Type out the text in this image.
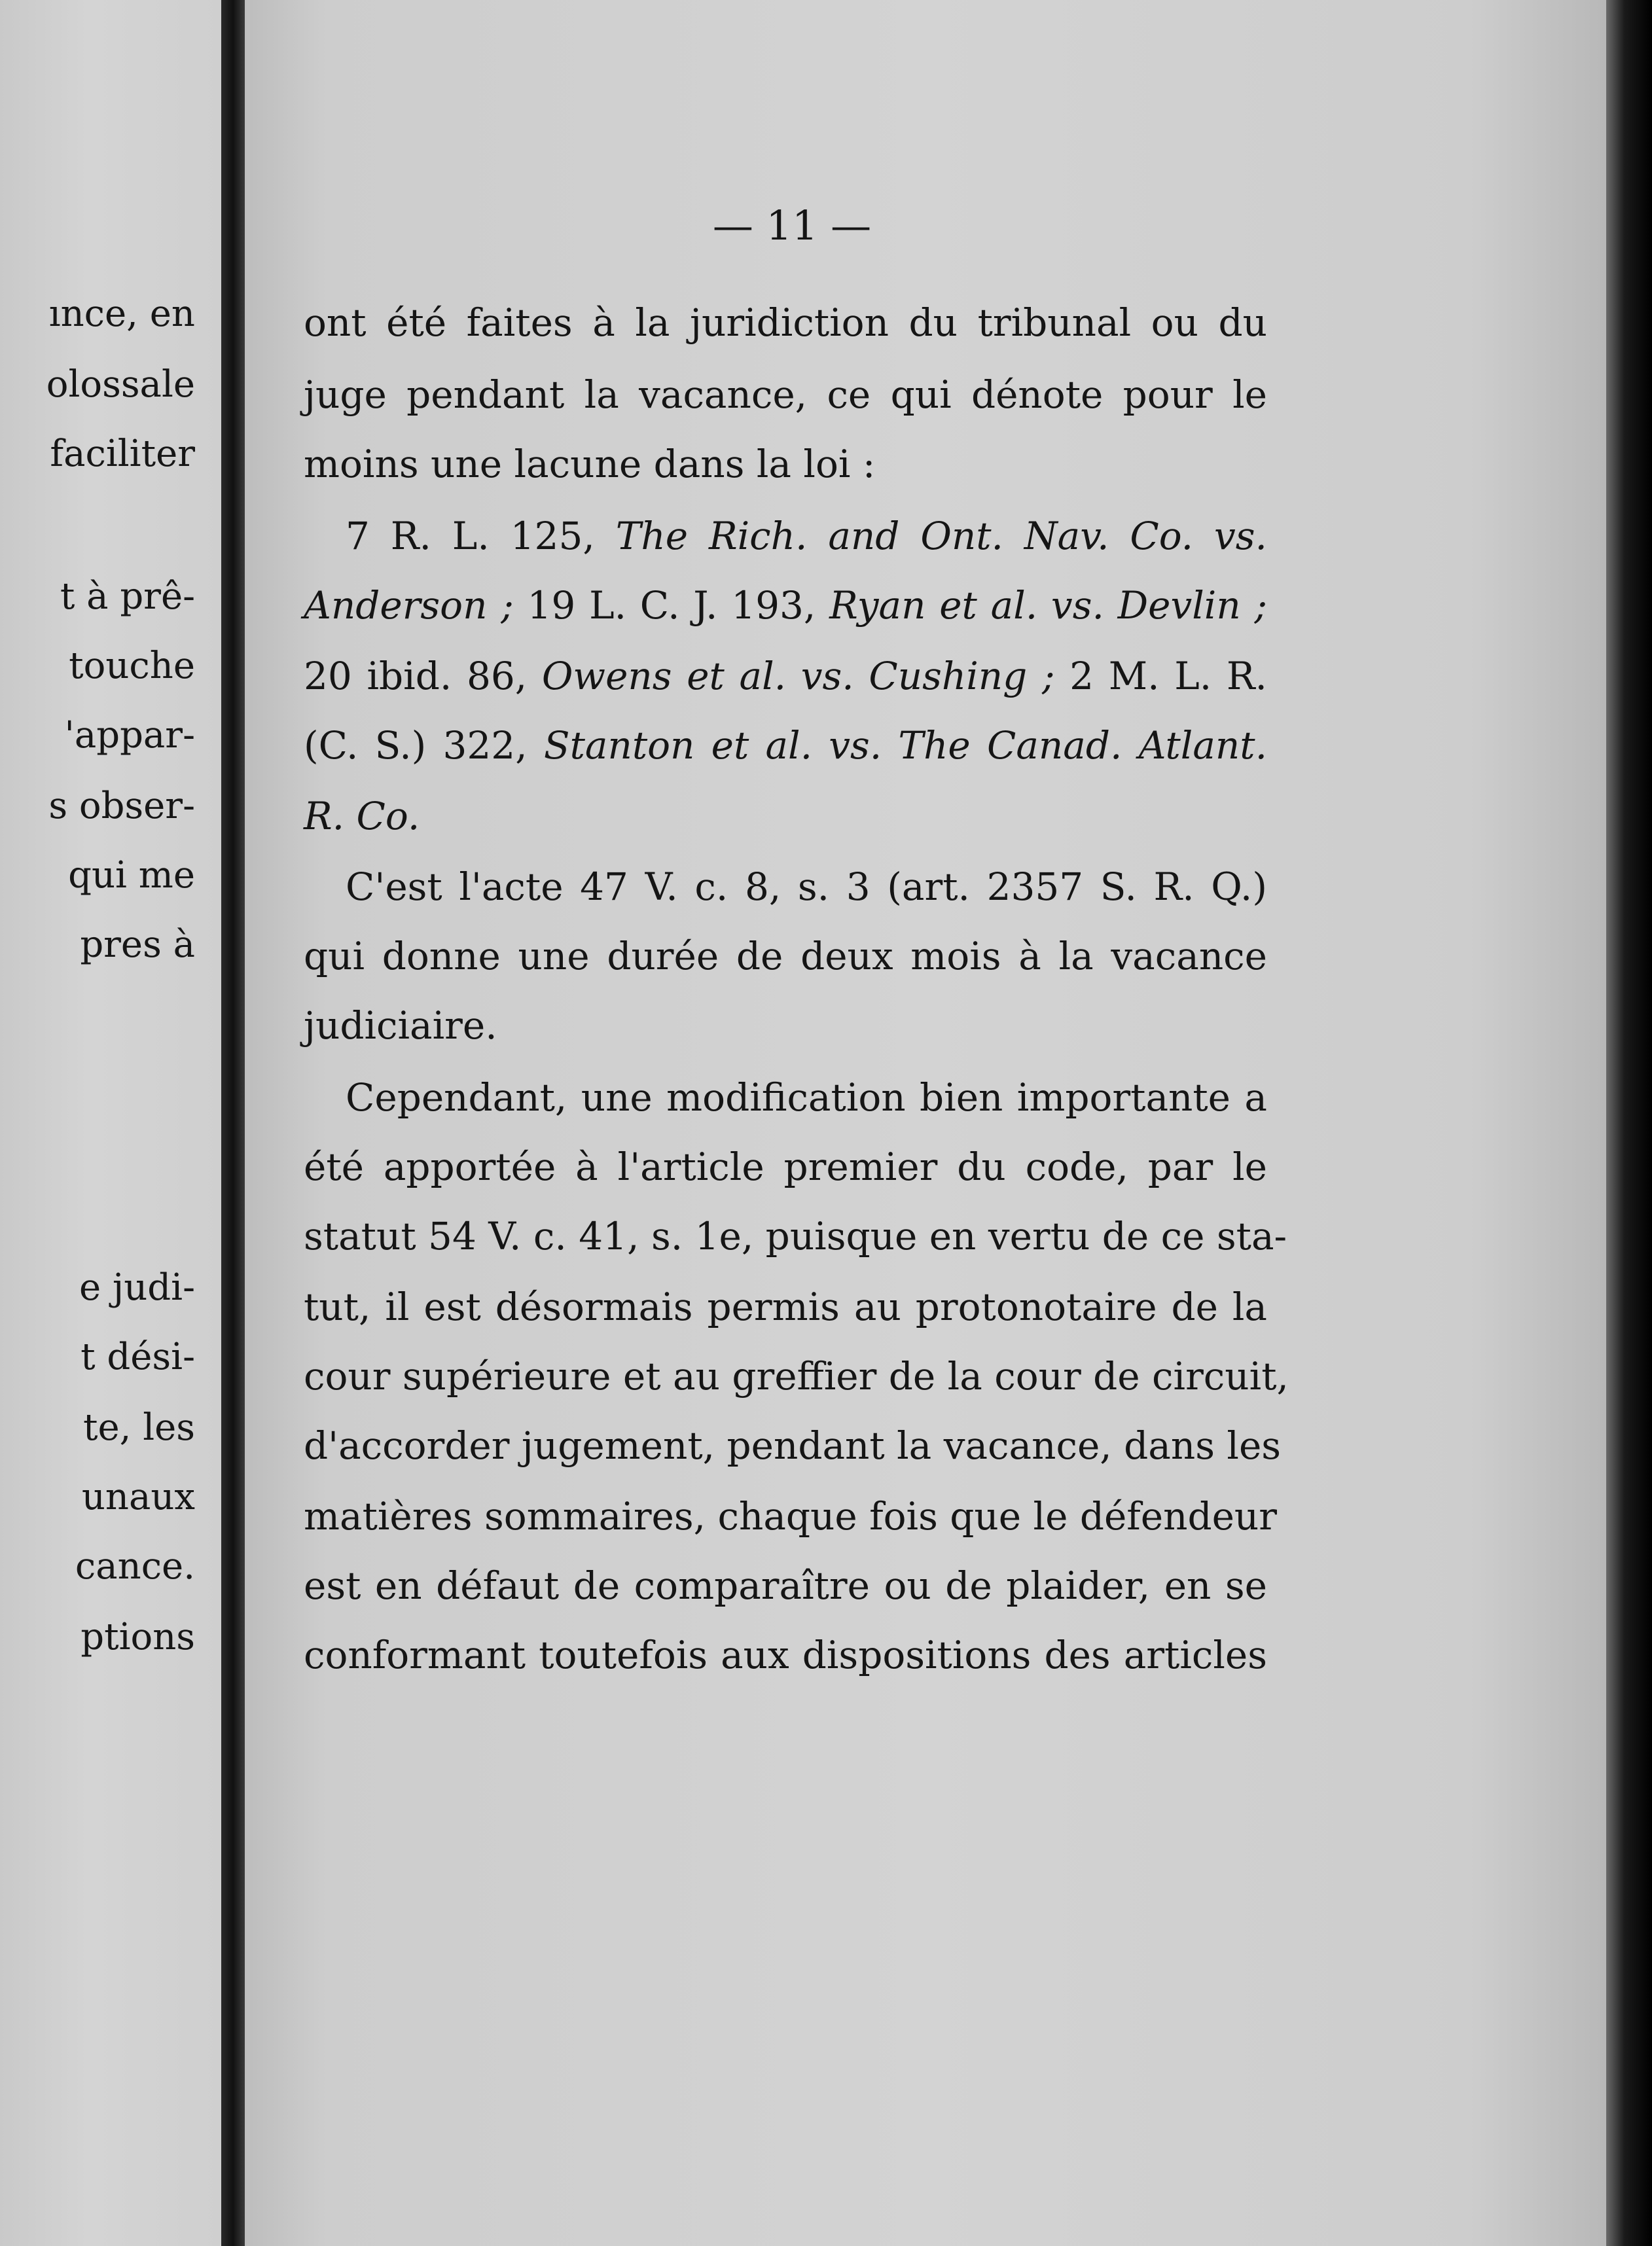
ınce, en
olossale
faciliter
t à prê-
touche
'appar-
s obser-
qui me
pres à
e judi-
t dési-
te, les
unaux
cance.
ptions
— 11 —
ont été faites à la juridiction du tribunal ou du
juge pendant la vacance, ce qui dénote pour le
moins une lacune dans la loi :
7 R. L. 125, The Rich. and Ont. Nav. Co. vs.
Anderson ; 19 L. C. J. 193, Ryan et al. vs. Devlin ;
20 ibid. 86, Owens et al. vs. Cushing ; 2 M. L. R.
(C. S.) 322, Stanton et al. vs. The Canad. Atlant.
R. Co.
C'est l'acte 47 V. c. 8, s. 3 (art. 2357 S. R. Q.)
qui donne une durée de deux mois à la vacance
judiciaire.
Cependant, une modification bien importante a
été apportée à l'article premier du code, par le
statut 54 V. c. 41, s. 1e, puisque en vertu de ce sta-
tut, il est désormais permis au protonotaire de la
cour supérieure et au greffier de la cour de circuit,
d'accorder jugement, pendant la vacance, dans les
matières sommaires, chaque fois que le défendeur
est en défaut de comparaître ou de plaider, en se
conformant toutefois aux dispositions des articles
